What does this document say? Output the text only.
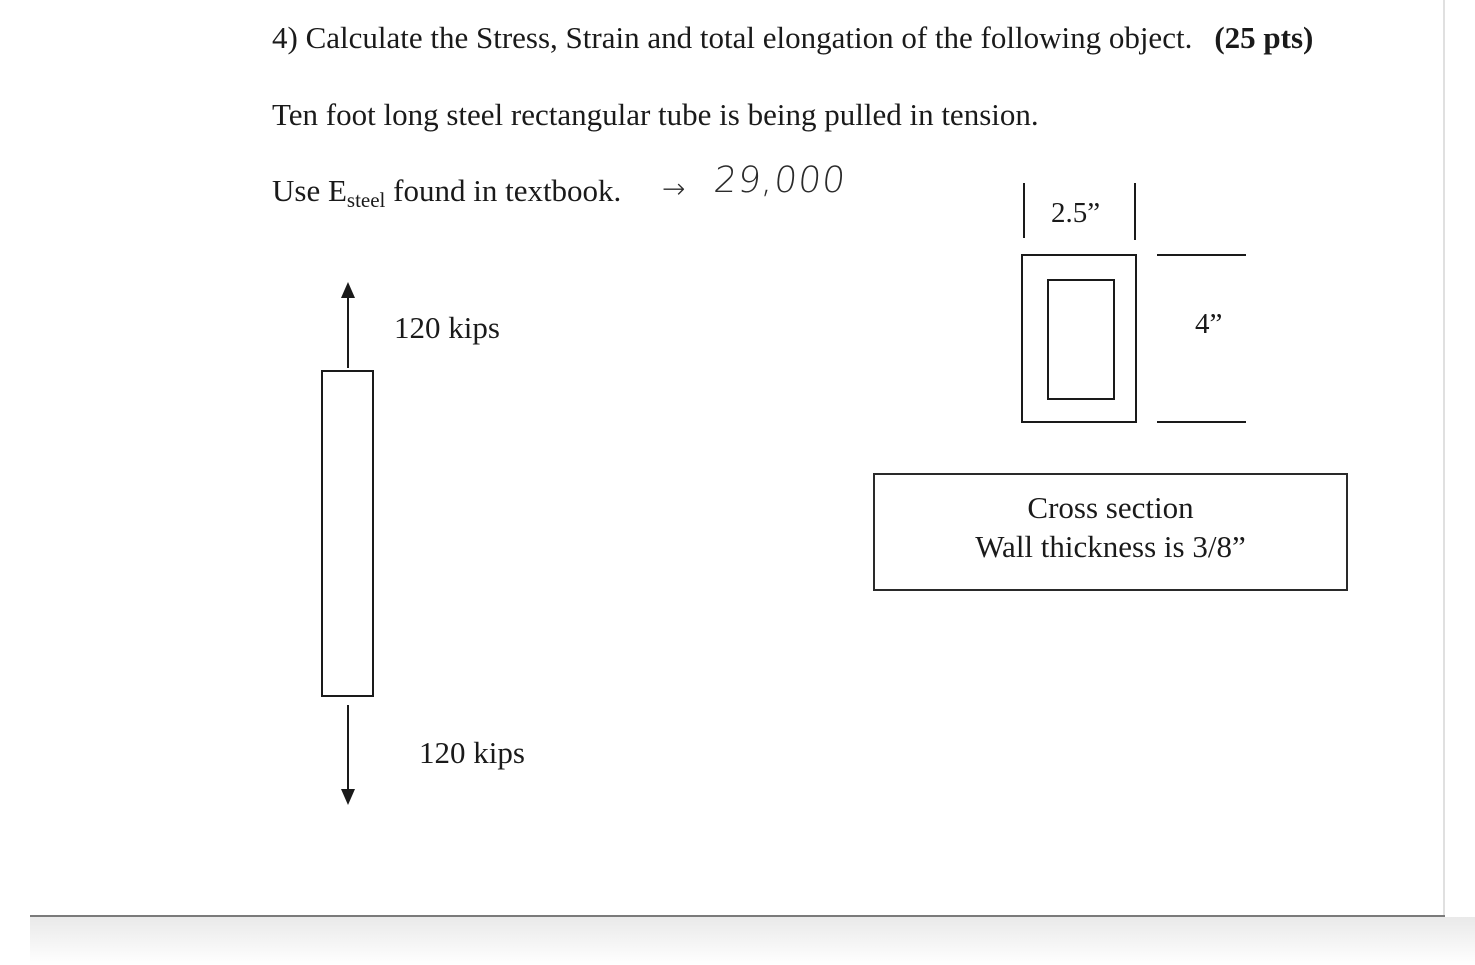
4) Calculate the Stress, Strain and total elongation of the following object. (25 pts)
Ten foot long steel rectangular tube is being pulled in tension.
Use $E_{steel}$ found in textbook. → 29,000
120 kips
120 kips
2.5”
4”
Cross section
Wall thickness is 3/8”
